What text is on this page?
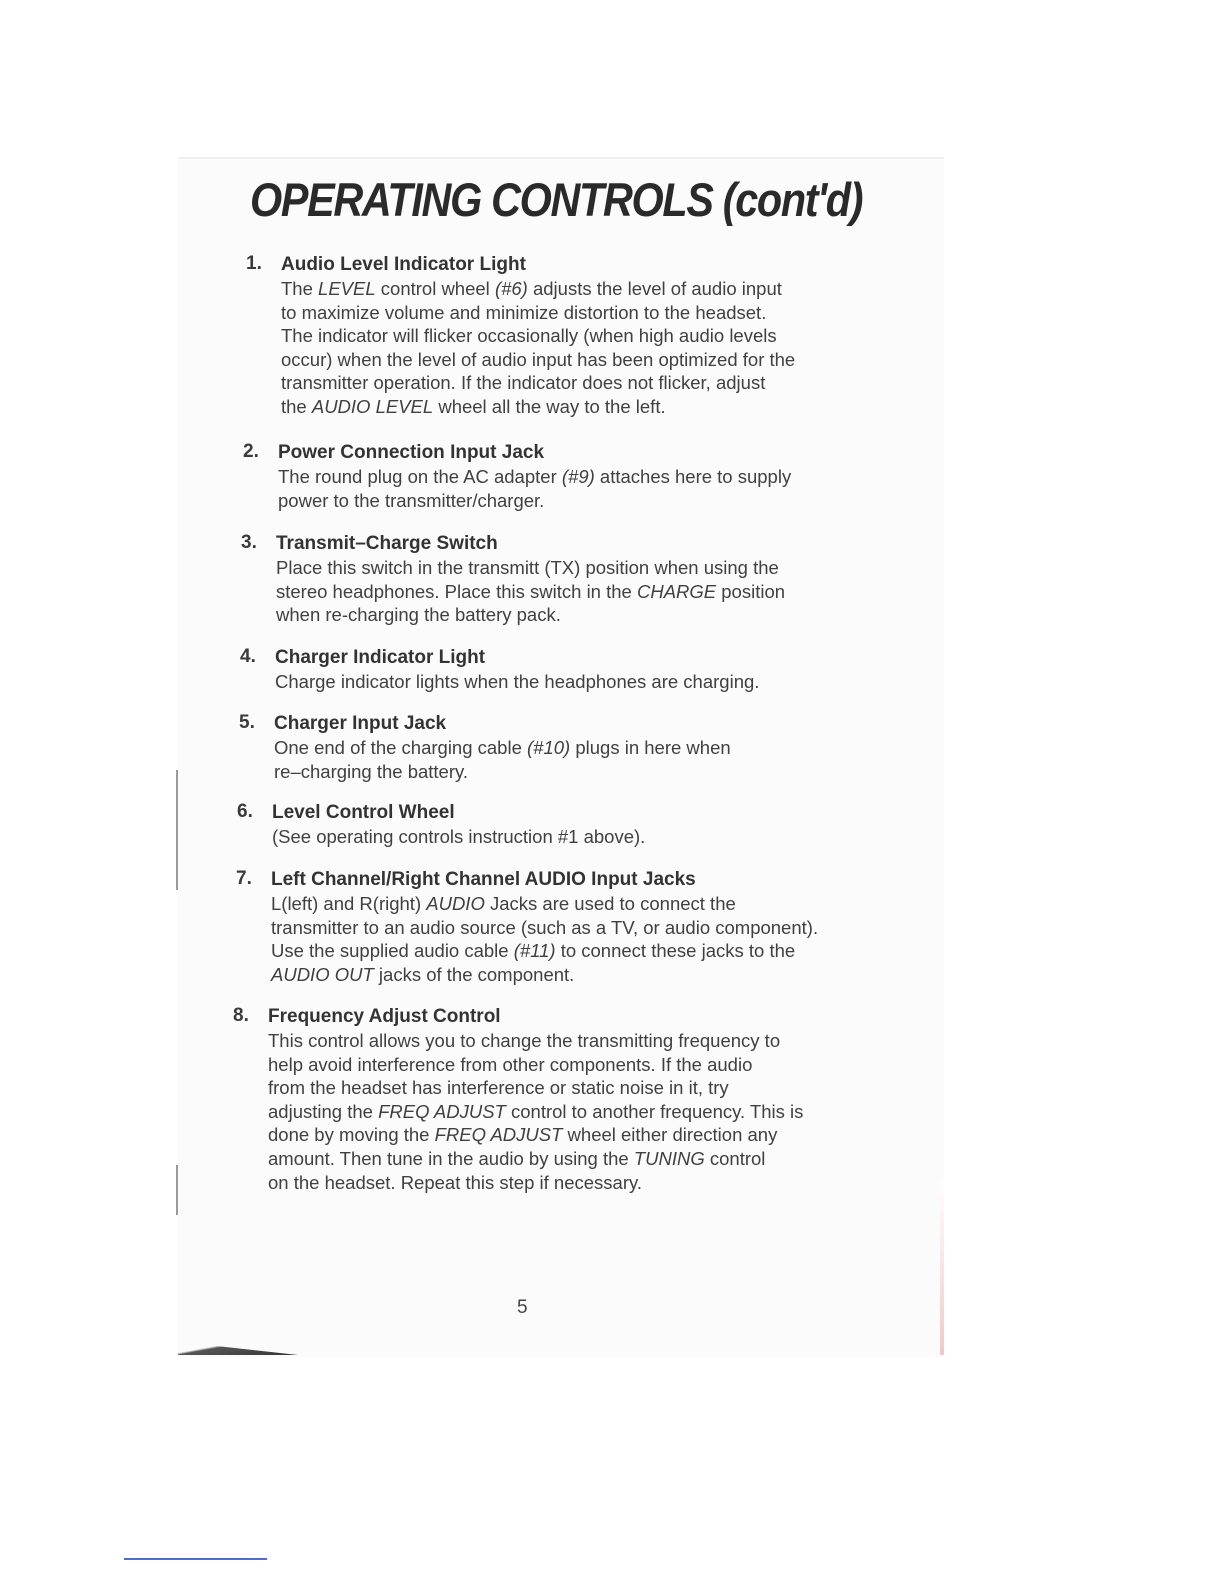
OPERATING CONTROLS (cont'd)
1. Audio Level Indicator Light

The LEVEL control wheel (#6) adjusts the level of audio input
to maximize volume and minimize distortion to the headset.
The indicator will flicker occasionally (when high audio levels
occur) when the level of audio input has been optimized for the
transmitter operation. If the indicator does not flicker, adjust
the AUDIO LEVEL wheel all the way to the left.

2. Power Connection Input Jack

The round plug on the AC adapter (#9) attaches here to supply
power to the transmitter/charger.

3. Transmit–Charge Switch

Place this switch in the transmitt (TX) position when using the
stereo headphones. Place this switch in the CHARGE position
when re-charging the battery pack.

4. Charger Indicator Light

Charge indicator lights when the headphones are charging.

5. Charger Input Jack

One end of the charging cable (#10) plugs in here when
re–charging the battery.

6. Level Control Wheel

(See operating controls instruction #1 above).

7. Left Channel/Right Channel AUDIO Input Jacks

L(left) and R(right) AUDIO Jacks are used to connect the
transmitter to an audio source (such as a TV, or audio component).
Use the supplied audio cable (#11) to connect these jacks to the
AUDIO OUT jacks of the component.

8. Frequency Adjust Control

This control allows you to change the transmitting frequency to
help avoid interference from other components. If the audio
from the headset has interference or static noise in it, try
adjusting the FREQ ADJUST control to another frequency. This is
done by moving the FREQ ADJUST wheel either direction any
amount. Then tune in the audio by using the TUNING control
on the headset. Repeat this step if necessary.

5
